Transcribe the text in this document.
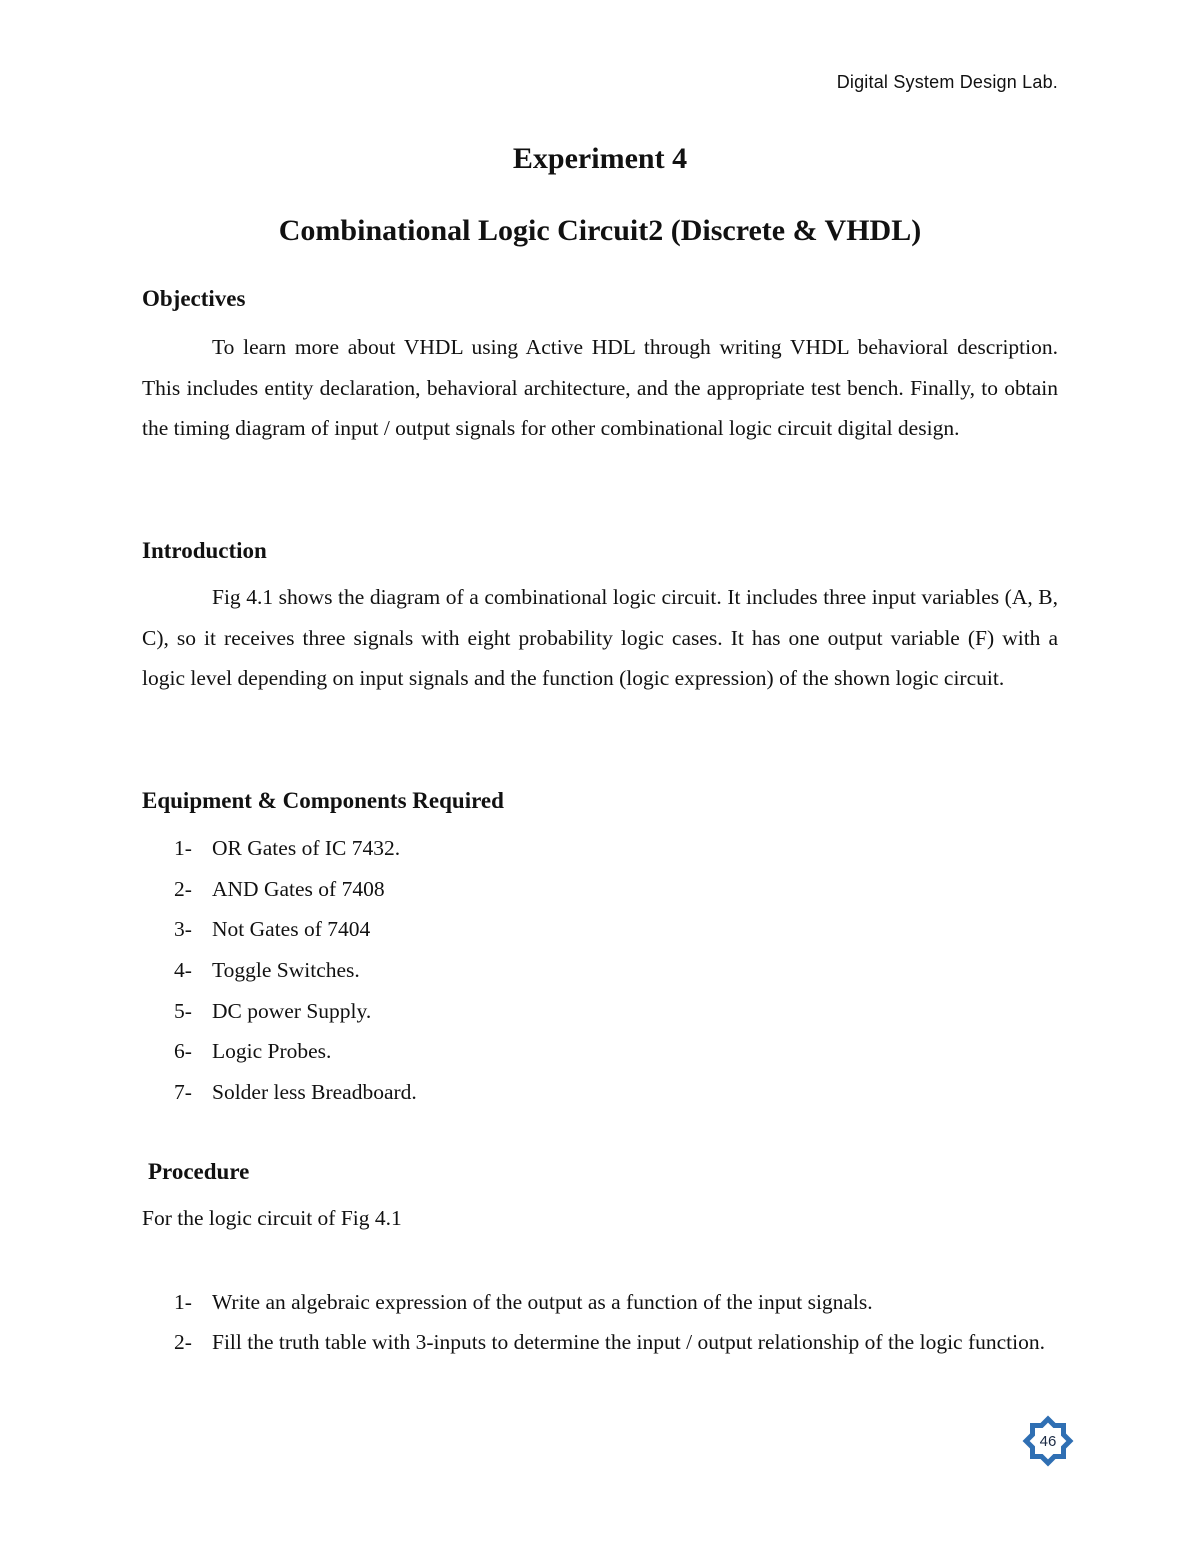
Digital System Design Lab.
Experiment 4
Combinational Logic Circuit2 (Discrete & VHDL)
Objectives

To learn more about VHDL using Active HDL through writing VHDL behavioral description. This includes entity declaration, behavioral architecture, and the appropriate test bench. Finally, to obtain the timing diagram of input / output signals for other combinational logic circuit digital design.

Introduction

Fig 4.1 shows the diagram of a combinational logic circuit. It includes three input variables (A, B, C), so it receives three signals with eight probability logic cases. It has one output variable (F) with a logic level depending on input signals and the function (logic expression) of the shown logic circuit.

Equipment & Components Required
1- OR Gates of IC 7432.
2- AND Gates of 7408
3- Not Gates of 7404
4- Toggle Switches.
5- DC power Supply.
6- Logic Probes.
7- Solder less Breadboard.
Procedure

For the logic circuit of Fig 4.1

1- Write an algebraic expression of the output as a function of the input signals.
2- Fill the truth table with 3-inputs to determine the input / output relationship of the logic function.
46
